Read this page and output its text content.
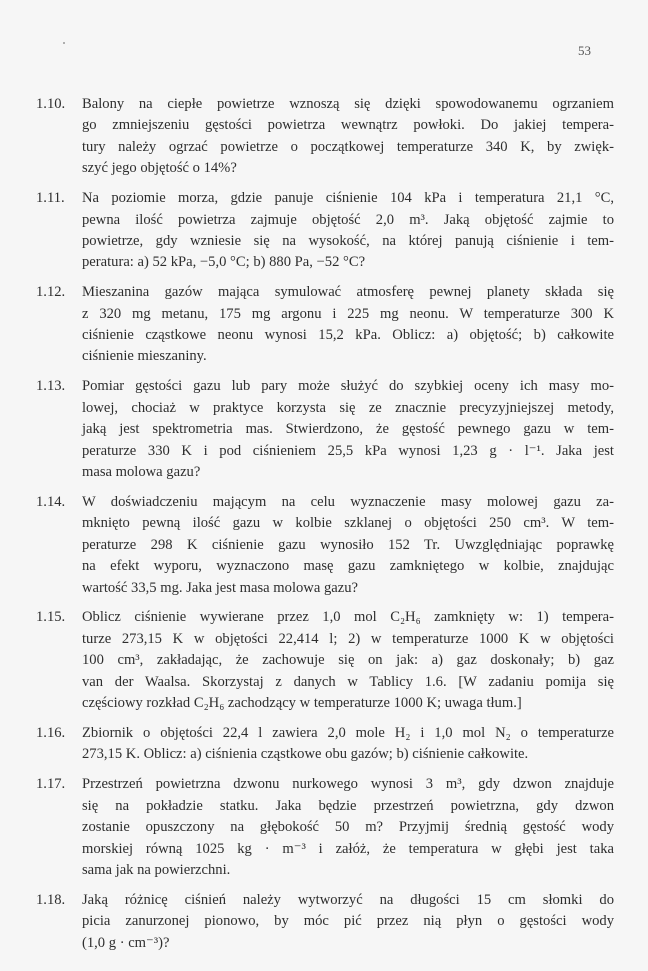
53
1.10. Balony na ciepłe powietrze wznoszą się dzięki spowodowanemu ogrzaniem
go zmniejszeniu gęstości powietrza wewnątrz powłoki. Do jakiej tempera-
tury należy ogrzać powietrze o początkowej temperaturze 340 K, by zwięk-
szyć jego objętość o 14%?
1.11. Na poziomie morza, gdzie panuje ciśnienie 104 kPa i temperatura 21,1 °C,
pewna ilość powietrza zajmuje objętość 2,0 m³. Jaką objętość zajmie to
powietrze, gdy wzniesie się na wysokość, na której panują ciśnienie i tem-
peratura: a) 52 kPa, −5,0 °C; b) 880 Pa, −52 °C?
1.12. Mieszanina gazów mająca symulować atmosferę pewnej planety składa się
z 320 mg metanu, 175 mg argonu i 225 mg neonu. W temperaturze 300 K
ciśnienie cząstkowe neonu wynosi 15,2 kPa. Oblicz: a) objętość; b) całkowite
ciśnienie mieszaniny.
1.13. Pomiar gęstości gazu lub pary może służyć do szybkiej oceny ich masy mo-
lowej, chociaż w praktyce korzysta się ze znacznie precyzyjniejszej metody,
jaką jest spektrometria mas. Stwierdzono, że gęstość pewnego gazu w tem-
peraturze 330 K i pod ciśnieniem 25,5 kPa wynosi 1,23 g · l⁻¹. Jaka jest
masa molowa gazu?
1.14. W doświadczeniu mającym na celu wyznaczenie masy molowej gazu za-
mknięto pewną ilość gazu w kolbie szklanej o objętości 250 cm³. W tem-
peraturze 298 K ciśnienie gazu wynosiło 152 Tr. Uwzględniając poprawkę
na efekt wyporu, wyznaczono masę gazu zamkniętego w kolbie, znajdując
wartość 33,5 mg. Jaka jest masa molowa gazu?
1.15. Oblicz ciśnienie wywierane przez 1,0 mol C₂H₆ zamknięty w: 1) tempera-
turze 273,15 K w objętości 22,414 l; 2) w temperaturze 1000 K w objętości
100 cm³, zakładając, że zachowuje się on jak: a) gaz doskonały; b) gaz
van der Waalsa. Skorzystaj z danych w Tablicy 1.6. [W zadaniu pomija się
częściowy rozkład C₂H₆ zachodzący w temperaturze 1000 K; uwaga tłum.]
1.16. Zbiornik o objętości 22,4 l zawiera 2,0 mole H₂ i 1,0 mol N₂ o temperaturze
273,15 K. Oblicz: a) ciśnienia cząstkowe obu gazów; b) ciśnienie całkowite.
1.17. Przestrzeń powietrzna dzwonu nurkowego wynosi 3 m³, gdy dzwon znajduje
się na pokładzie statku. Jaka będzie przestrzeń powietrzna, gdy dzwon
zostanie opuszczony na głębokość 50 m? Przyjmij średnią gęstość wody
morskiej równą 1025 kg · m⁻³ i załóż, że temperatura w głębi jest taka
sama jak na powierzchni.
1.18. Jaką różnicę ciśnień należy wytworzyć na długości 15 cm słomki do
picia zanurzonej pionowo, by móc pić przez nią płyn o gęstości wody
(1,0 g · cm⁻³)?
